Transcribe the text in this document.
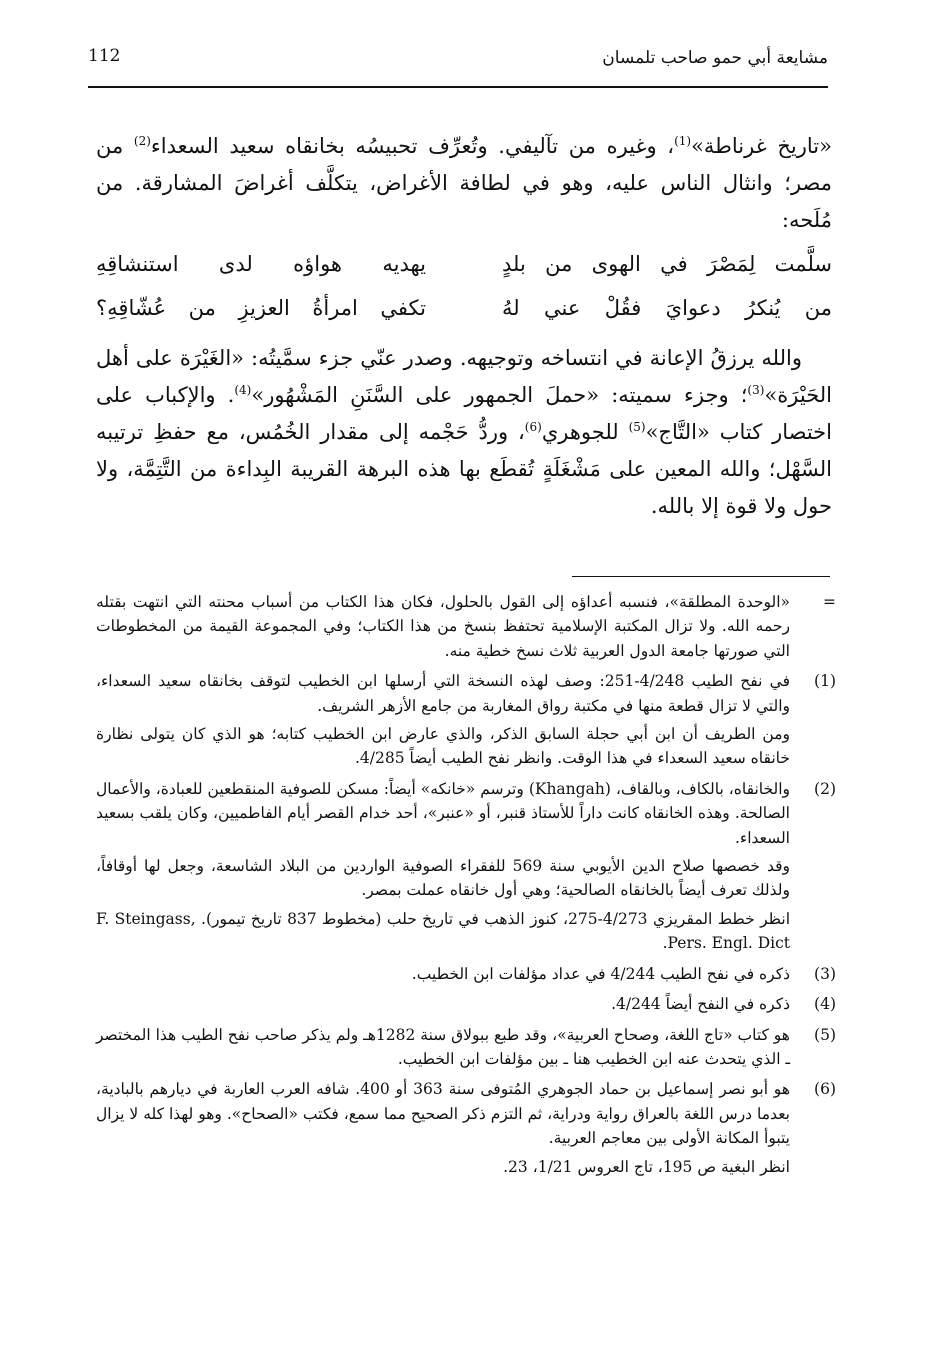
112	مشايعة أبي حمو صاحب تلمسان

«تاريخ غرناطة»$^{(1)}$، وغيره من تآليفي. وتُعرِّف تحبيسُه بخانقاه سعيد السعداء$^{(2)}$ من مصر؛ وانثال الناس عليه، وهو في لطافة الأغراض، يتكلَّف أغراضَ المشارقة. من مُلَحه:

سلَّمت لِمَصْرَ في الهوى من بلدٍ
يهديه هواؤه لدى استنشاقِهِ
من يُنكرُ دعوايَ فقُلْ عني لهُ
تكفي امرأةُ العزيزِ من عُشّاقِهِ؟

والله يرزقُ الإعانة في انتساخه وتوجيهه. وصدر عنّي جزء سمَّيتُه: «الغَيْرَة على أهل الحَيْرَة»$^{(3)}$؛ وجزء سميته: «حملَ الجمهور على السَّنَنِ المَشْهُور»$^{(4)}$. والإكباب على اختصار كتاب «التَّاج»$^{(5)}$ للجوهري$^{(6)}$، وردُّ حَجْمه إلى مقدار الخُمُس، مع حفظِ ترتيبه السَّهْل؛ والله المعين على مَشْغَلَةٍ تُقطَع بها هذه البرهة القريبة البِداءة من التَّتِمَّة، ولا حول ولا قوة إلا بالله.

=

«الوحدة المطلقة»، فنسبه أعداؤه إلى القول بالحلول، فكان هذا الكتاب من أسباب محنته التي انتهت بقتله رحمه الله. ولا تزال المكتبة الإسلامية تحتفظ بنسخ من هذا الكتاب؛ وفي المجموعة القيمة من المخطوطات التي صورتها جامعة الدول العربية ثلاث نسخ خطية منه.

(1)

في نفح الطيب 4/248-251: وصف لهذه النسخة التي أرسلها ابن الخطيب لتوقف بخانقاه سعيد السعداء، والتي لا تزال قطعة منها في مكتبة رواق المغاربة من جامع الأزهر الشريف.

ومن الطريف أن ابن أبي حجلة السابق الذكر، والذي عارض ابن الخطيب كتابه؛ هو الذي كان يتولى نظارة خانقاه سعيد السعداء في هذا الوقت. وانظر نفح الطيب أيضاً 4/285.

(2)

والخانقاه، بالكاف، وبالقاف، (Khangah) وترسم «خانكه» أيضاً: مسكن للصوفية المنقطعين للعبادة، والأعمال الصالحة. وهذه الخانقاه كانت داراً للأستاذ قنبر، أو «عنبر»، أحد خدام القصر أيام الفاطميين، وكان يلقب بسعيد السعداء.

وقد خصصها صلاح الدين الأيوبي سنة 569 للفقراء الصوفية الواردين من البلاد الشاسعة، وجعل لها أوقافاً، ولذلك تعرف أيضاً بالخانقاه الصالحية؛ وهي أول خانقاه عملت بمصر.

انظر خطط المقريزي 4/273-275، كنوز الذهب في تاريخ حلب (مخطوط 837 تاريخ تيمور). F. Steingass, Pers. Engl. Dict.

(3)

ذكره في نفح الطيب 4/244 في عداد مؤلفات ابن الخطيب.

(4)

ذكره في النفح أيضاً 4/244.

(5)

هو كتاب «تاج اللغة، وصحاح العربية»، وقد طبع ببولاق سنة 1282هـ ولم يذكر صاحب نفح الطيب هذا المختصر ـ الذي يتحدث عنه ابن الخطيب هنا ـ بين مؤلفات ابن الخطيب.

(6)

هو أبو نصر إسماعيل بن حماد الجوهري المُتوفى سنة 363 أو 400. شافه العرب العاربة في ديارهم بالبادية، بعدما درس اللغة بالعراق رواية ودراية، ثم التزم ذكر الصحيح مما سمع، فكتب «الصحاح». وهو لهذا كله لا يزال يتبوأ المكانة الأولى بين معاجم العربية.

انظر البغية ص 195، تاج العروس 1/21، 23.
